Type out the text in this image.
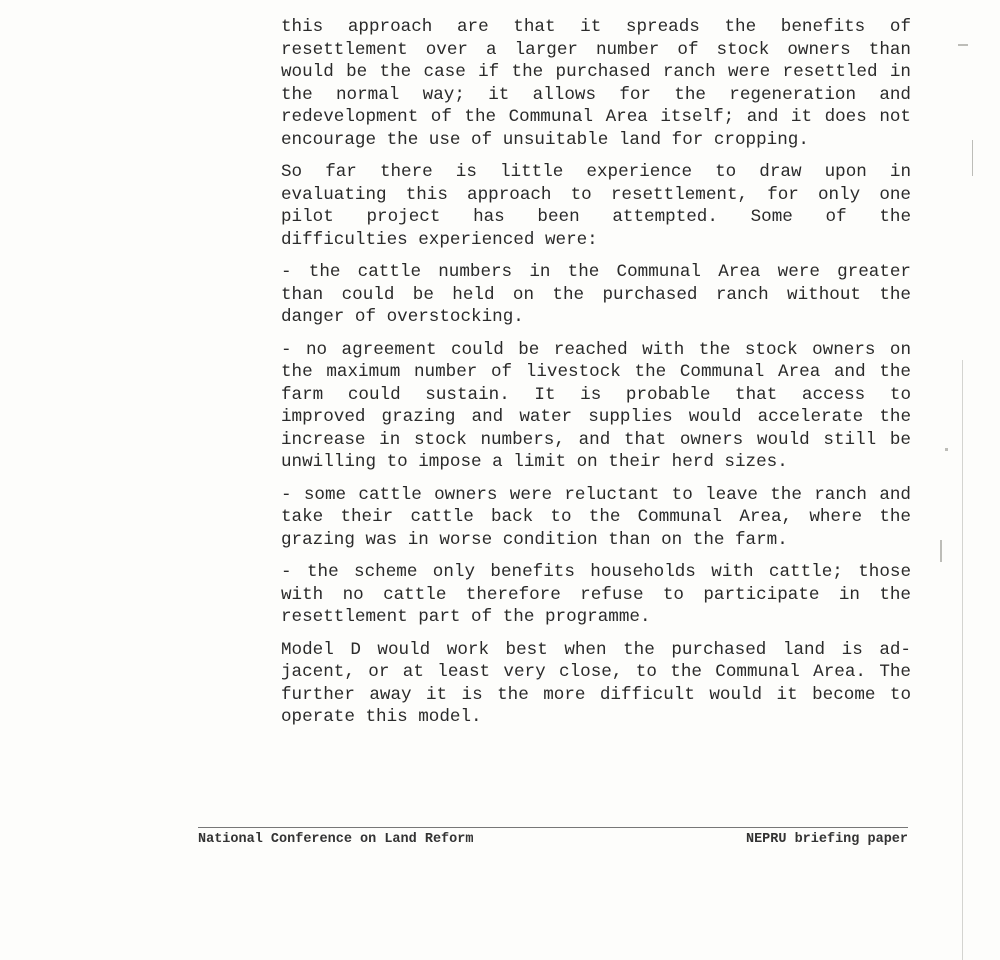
this approach are that it spreads the benefits of
resettlement over a larger number of stock owners than
would be the case if the purchased ranch were resettled in
the normal way; it allows for the regeneration and
redevelopment of the Communal Area itself; and it does not
encourage the use of unsuitable land for cropping.

So far there is little experience to draw upon in
evaluating this approach to resettlement, for only one
pilot project has been attempted. Some of the
difficulties experienced were:

- the cattle numbers in the Communal Area were greater
than could be held on the purchased ranch without the
danger of overstocking.

- no agreement could be reached with the stock owners on
the maximum number of livestock the Communal Area and the
farm could sustain. It is probable that access to
improved grazing and water supplies would accelerate the
increase in stock numbers, and that owners would still be
unwilling to impose a limit on their herd sizes.

- some cattle owners were reluctant to leave the ranch and
take their cattle back to the Communal Area, where the
grazing was in worse condition than on the farm.

- the scheme only benefits households with cattle; those
with no cattle therefore refuse to participate in the
resettlement part of the programme.

Model D would work best when the purchased land is ad-
jacent, or at least very close, to the Communal Area. The
further away it is the more difficult would it become to
operate this model.

National Conference on Land Reform	NEPRU briefing paper
